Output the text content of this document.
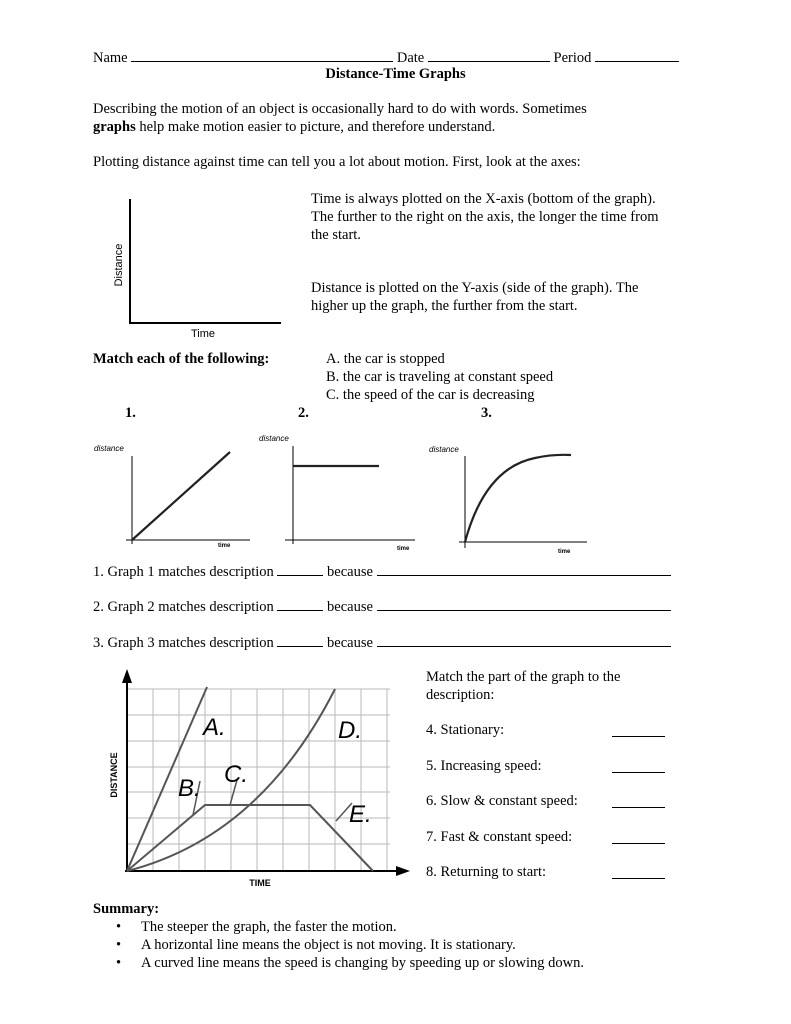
Name	Date	Period
Distance-Time Graphs
Describing the motion of an object is occasionally hard to do with words. Sometimes
graphs help make motion easier to picture, and therefore understand.
Plotting distance against time can tell you a lot about motion. First, look at the axes:
Distance
Time
Time is always plotted on the X-axis (bottom of the graph).
The further to the right on the axis, the longer the time from
the start.
Distance is plotted on the Y-axis (side of the graph). The
higher up the graph, the further from the start.
Match each of the following:	A. the car is stopped
B. the car is traveling at constant speed
C. the speed of the car is decreasing
1.	2.	3.
distance
time
distance
time
distance
time
1. Graph 1 matches description	because
2. Graph 2 matches description	because
3. Graph 3 matches description	because
A.
B.
C.
D.
E.
DISTANCE
TIME
Match the part of the graph to the
description:
4. Stationary:
5. Increasing speed:
6. Slow & constant speed:
7. Fast & constant speed:
8. Returning to start:
Summary:
• The steeper the graph, the faster the motion.
• A horizontal line means the object is not moving. It is stationary.
• A curved line means the speed is changing by speeding up or slowing down.
